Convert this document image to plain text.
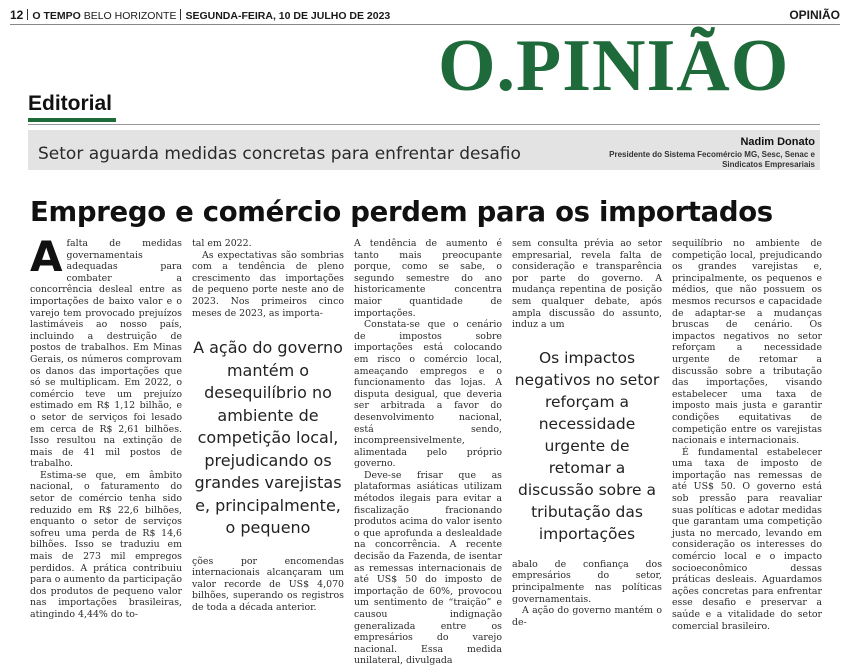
12 O TEMPO BELO HORIZONTE SEGUNDA-FEIRA, 10 DE JULHO DE 2023	OPINIÃO
O.PINIÃO
Editorial
Setor aguarda medidas concretas para enfrentar desafio
Nadim Donato
Presidente do Sistema Fecomércio MG, Sesc, Senac e Sindicatos Empresariais
Emprego e comércio perdem para os importados

Afalta de medidas governamentais adequadas para combater a concorrência desleal entre as importações de baixo valor e o varejo tem provocado prejuízos lastimáveis ao nosso país, incluindo a destruição de postos de trabalhos. Em Minas Gerais, os números comprovam os danos das importações que só se multiplicam. Em 2022, o comércio teve um prejuízo estimado em R$ 1,12 bilhão, e o setor de serviços foi lesado em cerca de R$ 2,61 bilhões. Isso resultou na extinção de mais de 41 mil postos de trabalho.

Estima-se que, em âmbito nacional, o faturamento do setor de comércio tenha sido reduzido em R$ 22,6 bilhões, enquanto o setor de serviços sofreu uma perda de R$ 14,6 bilhões. Isso se traduziu em mais de 273 mil empregos perdidos. A prática contribuiu para o aumento da participação dos produtos de pequeno valor nas importações brasileiras, atingindo 4,44% do to-

tal em 2022.

As expectativas são sombrias com a tendência de pleno crescimento das importações de pequeno porte neste ano de 2023. Nos primeiros cinco meses de 2023, as importa-

A ação do governo mantém o desequilíbrio no ambiente de competição local, prejudicando os grandes varejistas e, principalmente, o pequeno

ções por encomendas internacionais alcançaram um valor recorde de US$ 4,070 bilhões, superando os registros de toda a década anterior.

A tendência de aumento é tanto mais preocupante porque, como se sabe, o segundo semestre do ano historicamente concentra maior quantidade de importações.

Constata-se que o cenário de impostos sobre importações está colocando em risco o comércio local, ameaçando empregos e o funcionamento das lojas. A disputa desigual, que deveria ser arbitrada a favor do desenvolvimento nacional, está sendo, incompreensivelmente, alimentada pelo próprio governo.

Deve-se frisar que as plataformas asiáticas utilizam métodos ilegais para evitar a fiscalização fracionando produtos acima do valor isento o que aprofunda a deslealdade na concorrência. A recente decisão da Fazenda, de isentar as remessas internacionais de até US$ 50 do imposto de importação de 60%, provocou um sentimento de “traição” e causou indignação generalizada entre os empresários do varejo nacional. Essa medida unilateral, divulgada

sem consulta prévia ao setor empresarial, revela falta de consideração e transparência por parte do governo. A mudança repentina de posição sem qualquer debate, após ampla discussão do assunto, induz a um

Os impactos negativos no setor reforçam a necessidade urgente de retomar a discussão sobre a tributação das importações

abalo de confiança dos empresários do setor, principalmente nas políticas governamentais.

A ação do governo mantém o de-

sequilíbrio no ambiente de competição local, prejudicando os grandes varejistas e, principalmente, os pequenos e médios, que não possuem os mesmos recursos e capacidade de adaptar-se a mudanças bruscas de cenário. Os impactos negativos no setor reforçam a necessidade urgente de retomar a discussão sobre a tributação das importações, visando estabelecer uma taxa de imposto mais justa e garantir condições equitativas de competição entre os varejistas nacionais e internacionais.

É fundamental estabelecer uma taxa de imposto de importação nas remessas de até US$ 50. O governo está sob pressão para reavaliar suas políticas e adotar medidas que garantam uma competição justa no mercado, levando em consideração os interesses do comércio local e o impacto socioeconômico dessas práticas desleais. Aguardamos ações concretas para enfrentar esse desafio e preservar a saúde e a vitalidade do setor comercial brasileiro.
